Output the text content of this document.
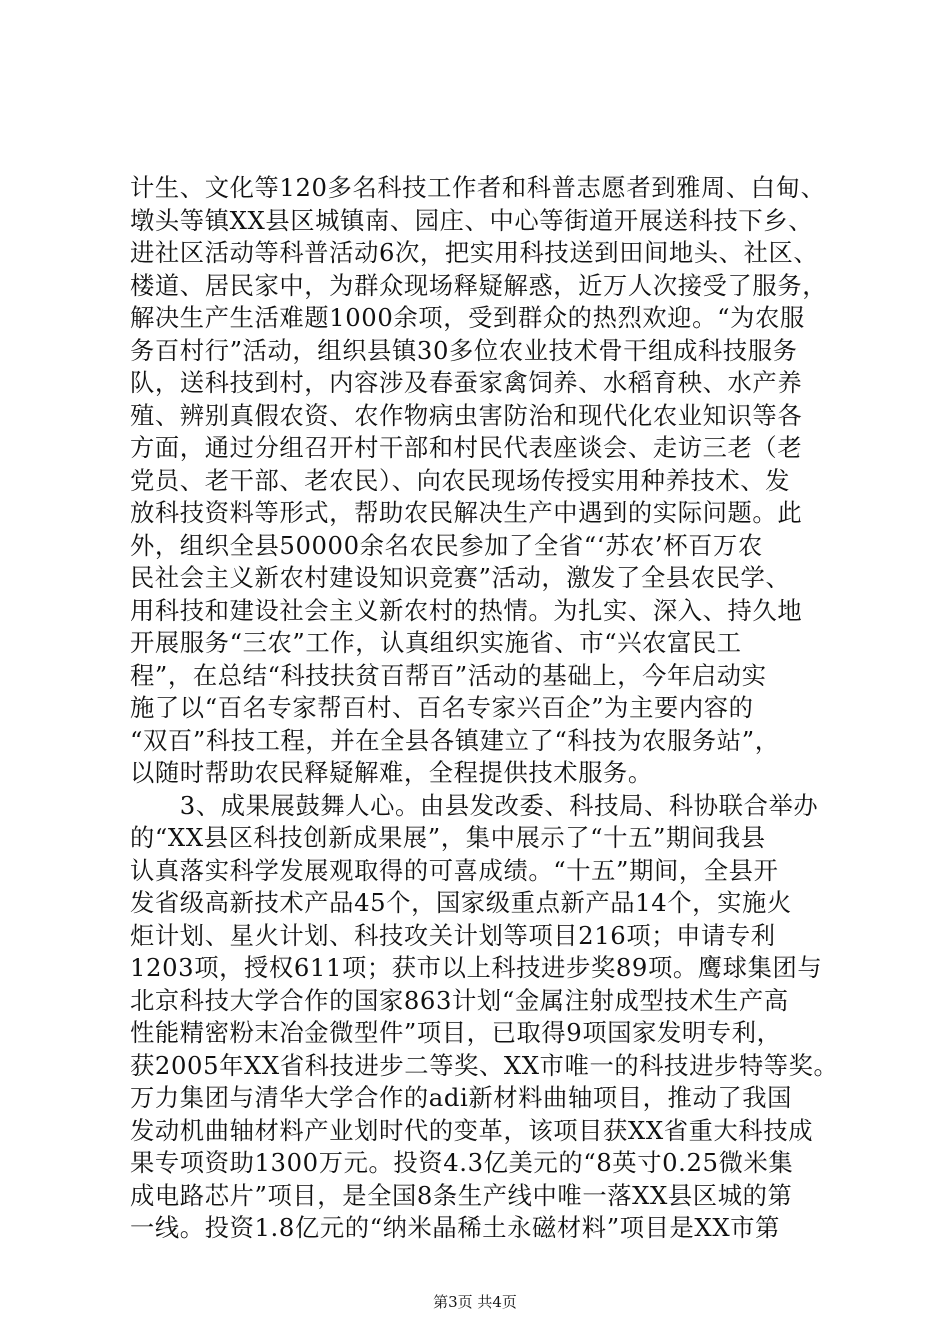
计生、文化等120多名科技工作者和科普志愿者到雅周、白甸、
墩头等镇XX县区城镇南、园庄、中心等街道开展送科技下乡、
进社区活动等科普活动6次，把实用科技送到田间地头、社区、
楼道、居民家中，为群众现场释疑解惑，近万人次接受了服务，
解决生产生活难题1000余项，受到群众的热烈欢迎。“为农服
务百村行”活动，组织县镇30多位农业技术骨干组成科技服务
队，送科技到村，内容涉及春蚕家禽饲养、水稻育秧、水产养
殖、辨别真假农资、农作物病虫害防治和现代化农业知识等各
方面，通过分组召开村干部和村民代表座谈会、走访三老（老
党员、老干部、老农民）、向农民现场传授实用种养技术、发
放科技资料等形式，帮助农民解决生产中遇到的实际问题。此
外，组织全县50000余名农民参加了全省“‘苏农’杯百万农
民社会主义新农村建设知识竞赛”活动，激发了全县农民学、
用科技和建设社会主义新农村的热情。为扎实、深入、持久地
开展服务“三农”工作，认真组织实施省、市“兴农富民工
程”，在总结“科技扶贫百帮百”活动的基础上，今年启动实
施了以“百名专家帮百村、百名专家兴百企”为主要内容的
“双百”科技工程，并在全县各镇建立了“科技为农服务站”，
以随时帮助农民释疑解难，全程提供技术服务。
　　3、成果展鼓舞人心。由县发改委、科技局、科协联合举办
的“XX县区科技创新成果展”，集中展示了“十五”期间我县
认真落实科学发展观取得的可喜成绩。“十五”期间，全县开
发省级高新技术产品45个，国家级重点新产品14个，实施火
炬计划、星火计划、科技攻关计划等项目216项；申请专利
1203项，授权611项；获市以上科技进步奖89项。鹰球集团与
北京科技大学合作的国家863计划“金属注射成型技术生产高
性能精密粉末冶金微型件”项目，已取得9项国家发明专利，
获2005年XX省科技进步二等奖、XX市唯一的科技进步特等奖。
万力集团与清华大学合作的adi新材料曲轴项目，推动了我国
发动机曲轴材料产业划时代的变革，该项目获XX省重大科技成
果专项资助1300万元。投资4.3亿美元的“8英寸0.25微米集
成电路芯片”项目，是全国8条生产线中唯一落XX县区城的第
一线。投资1.8亿元的“纳米晶稀土永磁材料”项目是XX市第
第3页 共4页
